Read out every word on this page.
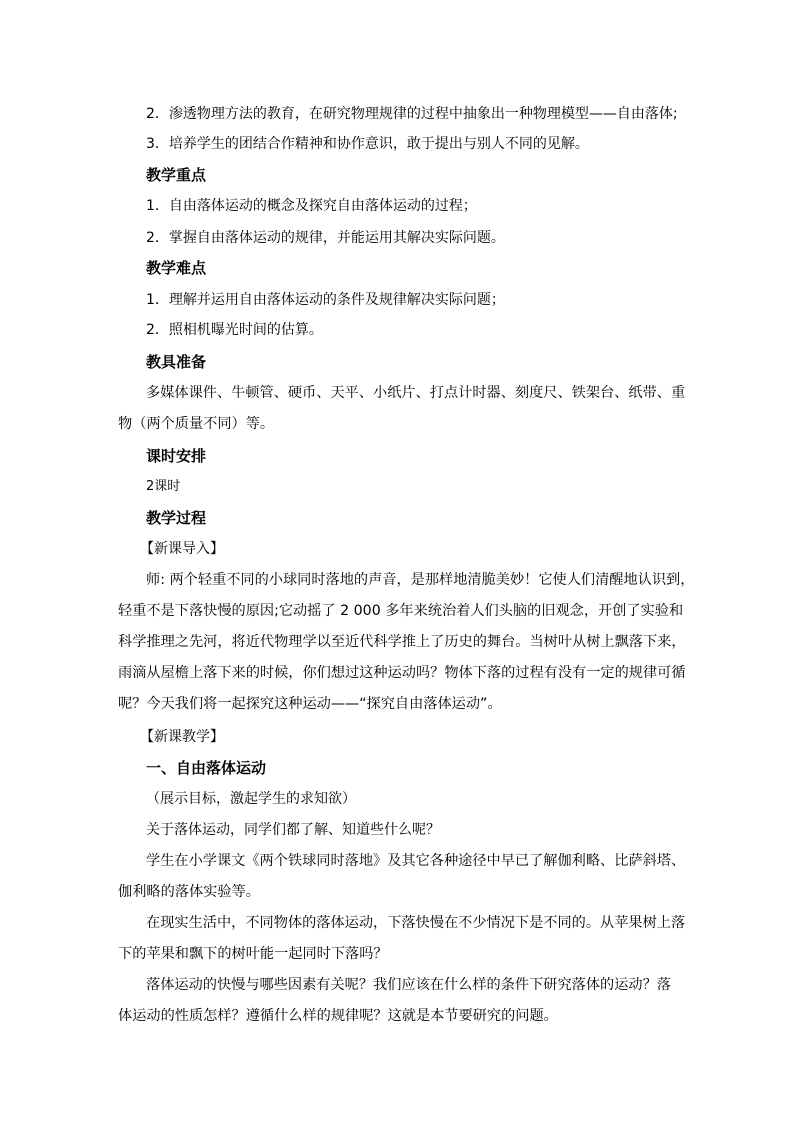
2．渗透物理方法的教育，在研究物理规律的过程中抽象出一种物理模型——自由落体;
3．培养学生的团结合作精神和协作意识，敢于提出与别人不同的见解。
教学重点
1．自由落体运动的概念及探究自由落体运动的过程；
2．掌握自由落体运动的规律，并能运用其解决实际问题。
教学难点
1．理解并运用自由落体运动的条件及规律解决实际问题；
2．照相机曝光时间的估算。
教具准备
多媒体课件、牛顿管、硬币、天平、小纸片、打点计时器、刻度尺、铁架台、纸带、重
物（两个质量不同）等。
课时安排
2课时
教学过程
【新课导入】
师: 两个轻重不同的小球同时落地的声音，是那样地清脆美妙！它使人们清醒地认识到，
轻重不是下落快慢的原因;它动摇了 2 000 多年来统治着人们头脑的旧观念，开创了实验和
科学推理之先河，将近代物理学以至近代科学推上了历史的舞台。当树叶从树上飘落下来，
雨滴从屋檐上落下来的时候，你们想过这种运动吗？物体下落的过程有没有一定的规律可循
呢？今天我们将一起探究这种运动——“探究自由落体运动”。
【新课教学】
一、自由落体运动
（展示目标，激起学生的求知欲）
关于落体运动，同学们都了解、知道些什么呢？
学生在小学课文《两个铁球同时落地》及其它各种途径中早已了解伽利略、比萨斜塔、
伽利略的落体实验等。
在现实生活中，不同物体的落体运动，下落快慢在不少情况下是不同的。从苹果树上落
下的苹果和飘下的树叶能一起同时下落吗？
落体运动的快慢与哪些因素有关呢？我们应该在什么样的条件下研究落体的运动？落
体运动的性质怎样？遵循什么样的规律呢？这就是本节要研究的问题。
